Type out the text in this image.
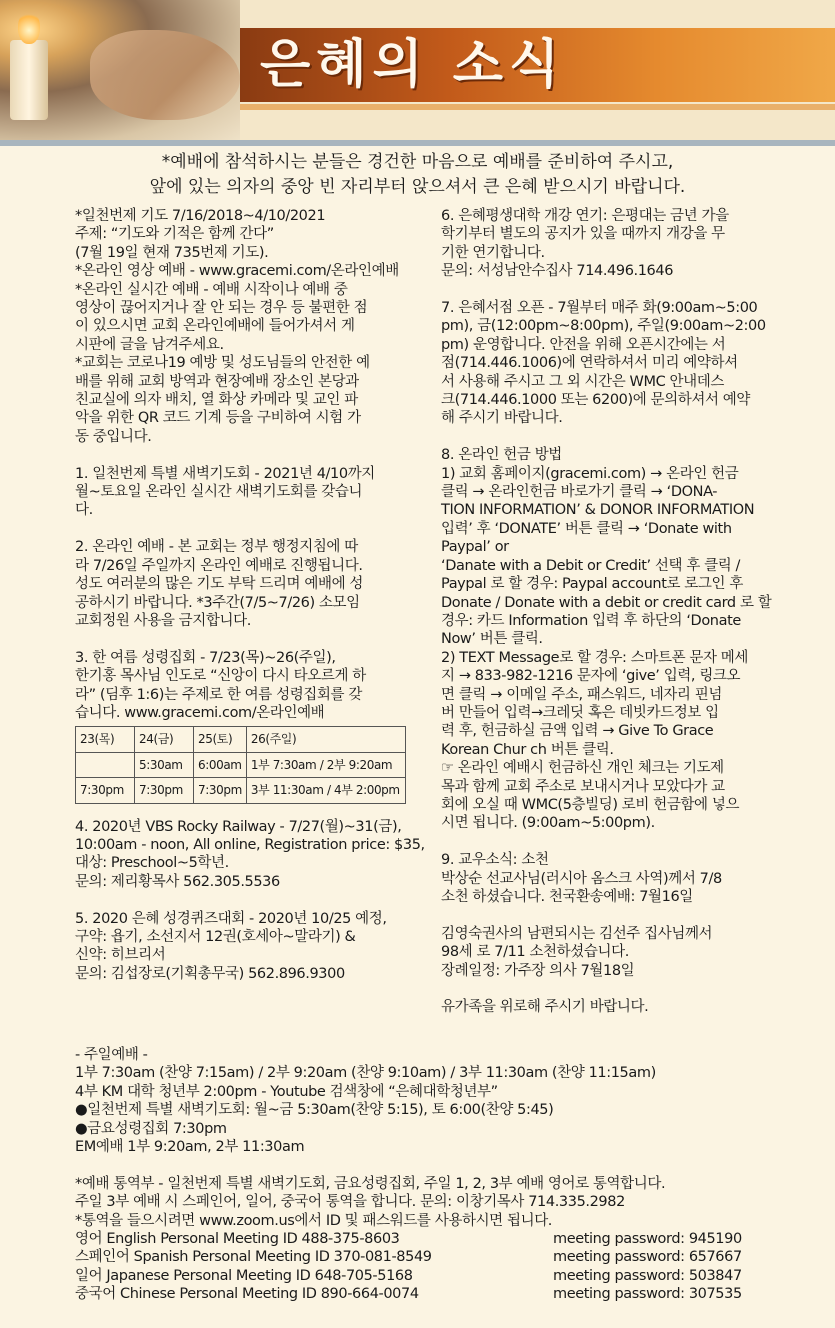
은혜의 소식
*예배에 참석하시는 분들은 경건한 마음으로 예배를 준비하여 주시고,
앞에 있는 의자의 중앙 빈 자리부터 앉으셔서 큰 은혜 받으시기 바랍니다.

*일천번제 기도 7/16/2018~4/10/2021

주제: “기도와 기적은 함께 간다”

(7월 19일 현재 735번제 기도).

*온라인 영상 예배 - www.gracemi.com/온라인예배

*온라인 실시간 예배 - 예배 시작이나 예배 중

영상이 끊어지거나 잘 안 되는 경우 등 불편한 점

이 있으시면 교회 온라인예배에 들어가셔서 게

시판에 글을 남겨주세요.

*교회는 코로나19 예방 및 성도님들의 안전한 예

배를 위해 교회 방역과 현장예배 장소인 본당과

친교실에 의자 배치, 열 화상 카메라 및 교인 파

악을 위한 QR 코드 기계 등을 구비하여 시험 가

동 중입니다.

1. 일천번제 특별 새벽기도회 - 2021년 4/10까지

월~토요일 온라인 실시간 새벽기도회를 갖습니

다.

2. 온라인 예배 - 본 교회는 정부 행정지침에 따

라 7/26일 주일까지 온라인 예배로 진행됩니다.

성도 여러분의 많은 기도 부탁 드리며 예배에 성

공하시기 바랍니다. *3주간(7/5~7/26) 소모임

교회정원 사용을 금지합니다.

3. 한 여름 성령집회 - 7/23(목)~26(주일),

한기홍 목사님 인도로 “신앙이 다시 타오르게 하

라” (딤후 1:6)는 주제로 한 여름 성령집회를 갖

습니다. www.gracemi.com/온라인예배

23(목)	24(금)	25(토)	26(주일)
	5:30am	6:00am	1부 7:30am / 2부 9:20am
7:30pm	7:30pm	7:30pm	3부 11:30am / 4부 2:00pm

4. 2020년 VBS Rocky Railway - 7/27(월)~31(금),

10:00am - noon, All online, Registration price: $35,

대상: Preschool~5학년.

문의: 제리황목사 562.305.5536

5. 2020 은혜 성경퀴즈대회 - 2020년 10/25 예정,

구약: 욥기, 소선지서 12권(호세아~말라기) &

신약: 히브리서

문의: 김섭장로(기획총무국) 562.896.9300

6. 은혜평생대학 개강 연기: 은평대는 금년 가을

학기부터 별도의 공지가 있을 때까지 개강을 무

기한 연기합니다.

문의: 서성남안수집사 714.496.1646

7. 은혜서점 오픈 - 7월부터 매주 화(9:00am~5:00

pm), 금(12:00pm~8:00pm), 주일(9:00am~2:00

pm) 운영합니다. 안전을 위해 오픈시간에는 서

점(714.446.1006)에 연락하셔서 미리 예약하셔

서 사용해 주시고 그 외 시간은 WMC 안내데스

크(714.446.1000 또는 6200)에 문의하셔서 예약

해 주시기 바랍니다.

8. 온라인 헌금 방법

1) 교회 홈페이지(gracemi.com) → 온라인 헌금

클릭 → 온라인헌금 바로가기 클릭 → ‘DONA-

TION INFORMATION’ & DONOR INFORMATION

입력’ 후 ‘DONATE’ 버튼 클릭 → ‘Donate with

Paypal’ or

‘Danate with a Debit or Credit’ 선택 후 클릭 /

Paypal 로 할 경우: Paypal account로 로그인 후

Donate / Donate with a debit or credit card 로 할

경우: 카드 Information 입력 후 하단의 ‘Donate

Now’ 버튼 클릭.

2) TEXT Message로 할 경우: 스마트폰 문자 메세

지 → 833-982-1216 문자에 ‘give’ 입력, 링크오

면 클릭 → 이메일 주소, 패스워드, 네자리 핀넘

버 만들어 입력→크레딧 혹은 데빗카드정보 입

력 후, 헌금하실 금액 입력 → Give To Grace

Korean Chur ch 버튼 클릭.

☞ 온라인 예배시 헌금하신 개인 체크는 기도제

목과 함께 교회 주소로 보내시거나 모았다가 교

회에 오실 때 WMC(5층빌딩) 로비 헌금함에 넣으

시면 됩니다. (9:00am~5:00pm).

9. 교우소식: 소천

박상순 선교사님(러시아 옴스크 사역)께서 7/8

소천 하셨습니다. 천국환송예배: 7월16일

김영숙권사의 남편되시는 김선주 집사님께서

98세 로 7/11 소천하셨습니다.

장례일정: 가주장 의사 7월18일

유가족을 위로해 주시기 바랍니다.

- 주일예배 -

1부 7:30am (찬양 7:15am) / 2부 9:20am (찬양 9:10am) / 3부 11:30am (찬양 11:15am)

4부 KM 대학 청년부 2:00pm - Youtube 검색창에 “은혜대학청년부”

●일천번제 특별 새벽기도회: 월~금 5:30am(찬양 5:15), 토 6:00(찬양 5:45)

●금요성령집회 7:30pm

EM예배 1부 9:20am, 2부 11:30am

*예배 통역부 - 일천번제 특별 새벽기도회, 금요성령집회, 주일 1, 2, 3부 예배 영어로 통역합니다.

주일 3부 예배 시 스페인어, 일어, 중국어 통역을 합니다. 문의: 이창기목사 714.335.2982

*통역을 들으시려면 www.zoom.us에서 ID 및 패스워드를 사용하시면 됩니다.

영어 English Personal Meeting ID 488-375-8603	meeting password: 945190
스페인어 Spanish Personal Meeting ID 370-081-8549	meeting password: 657667
일어 Japanese Personal Meeting ID 648-705-5168	meeting password: 503847
중국어 Chinese Personal Meeting ID 890-664-0074	meeting password: 307535
